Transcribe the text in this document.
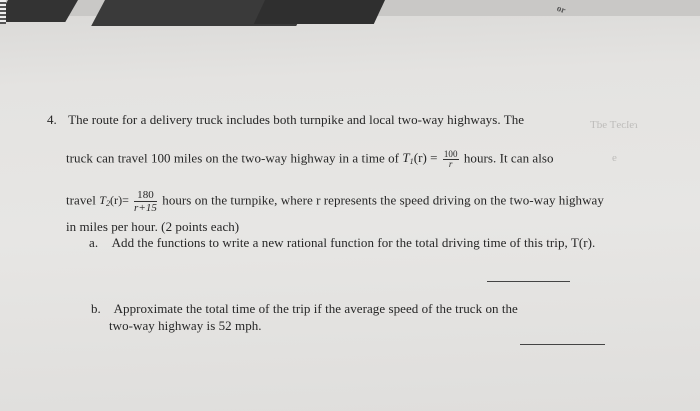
or
ɾɘlɔɘT ɘdT
ɘ
4. The route for a delivery truck includes both turnpike and local two-way highways. The
truck can travel 100 miles on the two-way highway in a time of $T_1(r) = \frac{100}{r}$ hours. It can also
travel $T_2(r)= \frac{180}{r+15}$ hours on the turnpike, where r represents the speed driving on the two-way highway
in miles per hour. (2 points each)
a. Add the functions to write a new rational function for the total driving time of this trip, T(r).
b. Approximate the total time of the trip if the average speed of the truck on the
two-way highway is 52 mph.
